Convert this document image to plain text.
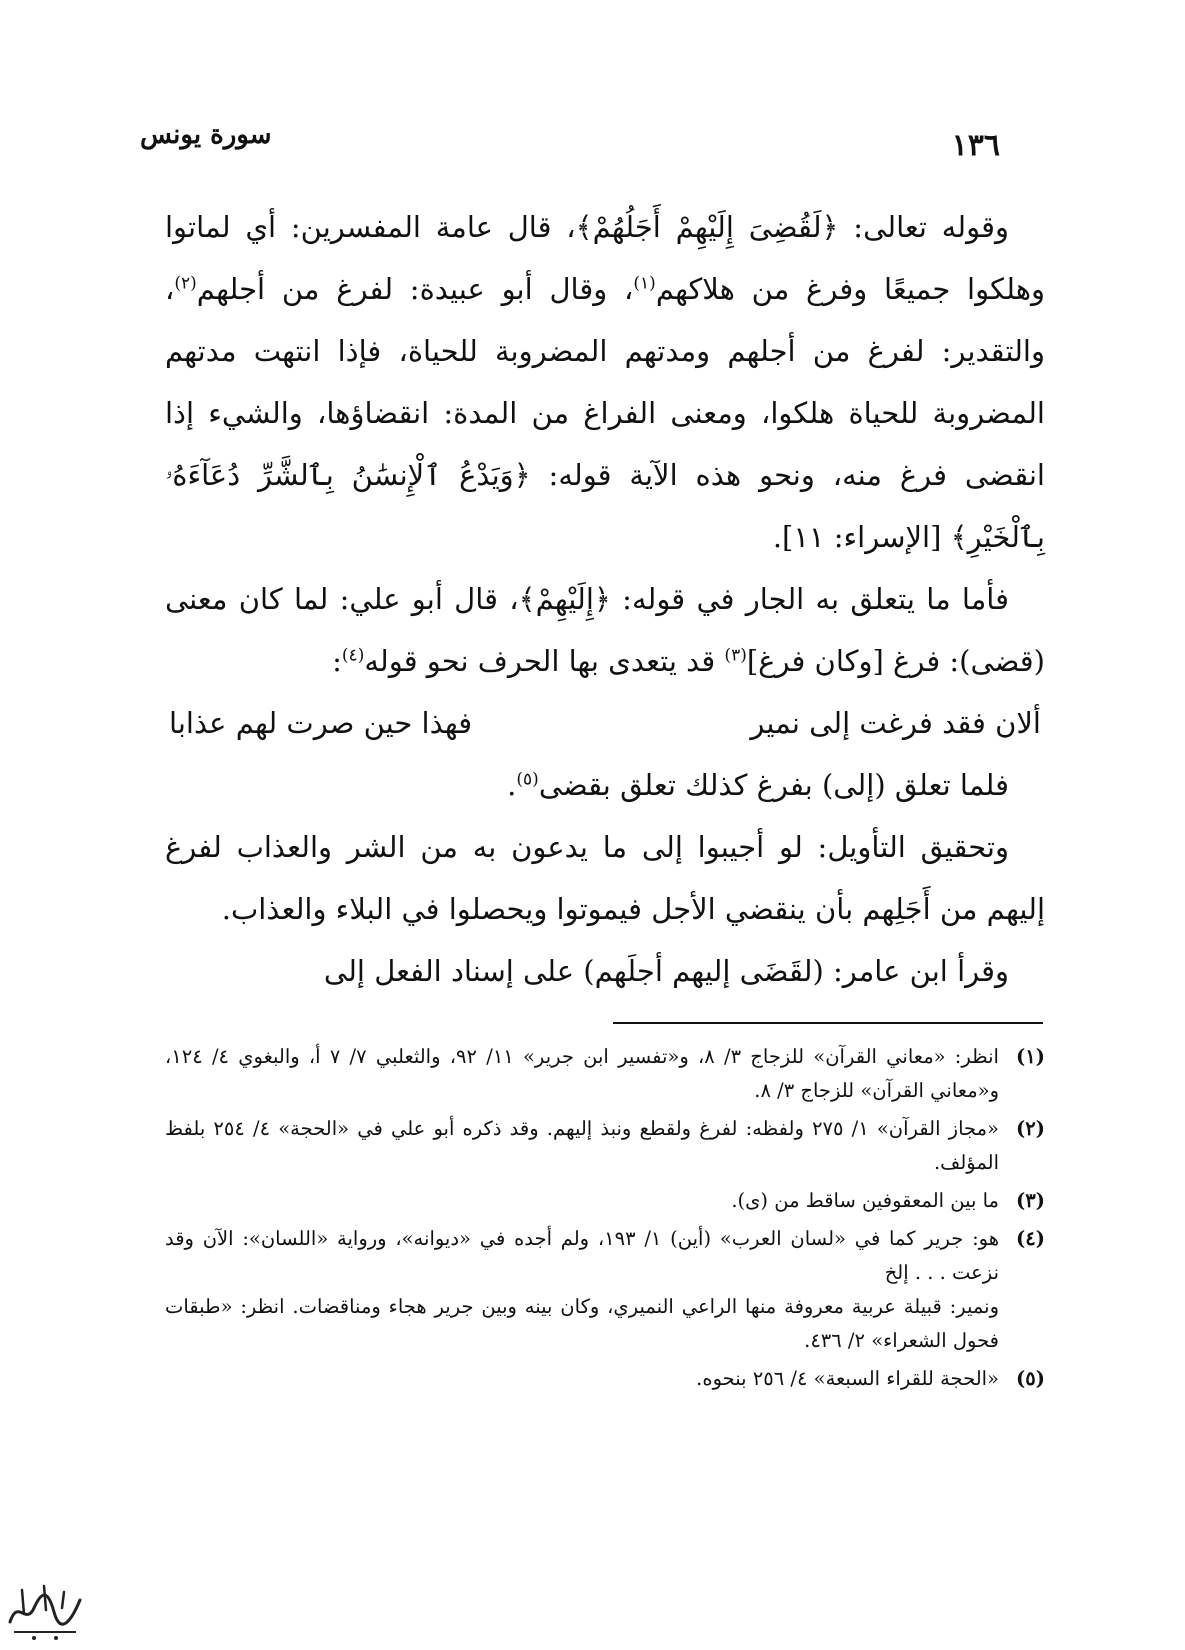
١٣٦
سورة يونس

وقوله تعالى: ﴿لَقُضِىَ إِلَيْهِمْ أَجَلُهُمْ﴾، قال عامة المفسرين: أي لماتوا وهلكوا جميعًا وفرغ من هلاكهم$^{(١)}$، وقال أبو عبيدة: لفرغ من أجلهم$^{(٢)}$، والتقدير: لفرغ من أجلهم ومدتهم المضروبة للحياة، فإذا انتهت مدتهم المضروبة للحياة هلكوا، ومعنى الفراغ من المدة: انقضاؤها، والشيء إذا انقضى فرغ منه، ونحو هذه الآية قوله: ﴿وَيَدْعُ ٱلْإِنسَٰنُ بِٱلشَّرِّ دُعَآءَهُۥ بِٱلْخَيْرِ﴾ [الإسراء: ١١].

فأما ما يتعلق به الجار في قوله: ﴿إِلَيْهِمْ﴾، قال أبو علي: لما كان معنى (قضى): فرغ [وكان فرغ]$^{(٣)}$ قد يتعدى بها الحرف نحو قوله$^{(٤)}$:

ألان فقد فرغت إلى نمير
فهذا حين صرت لهم عذابا

فلما تعلق (إلى) بفرغ كذلك تعلق بقضى$^{(٥)}$.

وتحقيق التأويل: لو أجيبوا إلى ما يدعون به من الشر والعذاب لفرغ إليهم من أَجَلِهم بأن ينقضي الأجل فيموتوا ويحصلوا في البلاء والعذاب.

وقرأ ابن عامر: (لقَضَى إليهم أجلَهم) على إسناد الفعل إلى

(١)
انظر: «معاني القرآن» للزجاج ٣/ ٨، و«تفسير ابن جرير» ١١/ ٩٢، والثعلبي ٧/ ٧ أ، والبغوي ٤/ ١٢٤، و«معاني القرآن» للزجاج ٣/ ٨.
(٢)
«مجاز القرآن» ١/ ٢٧٥ ولفظه: لفرغ ولقطع ونبذ إليهم. وقد ذكره أبو علي في «الحجة» ٤/ ٢٥٤ بلفظ المؤلف.
(٣)
ما بين المعقوفين ساقط من (ى).
(٤)
هو: جرير كما في «لسان العرب» (أين) ١/ ١٩٣، ولم أجده في «ديوانه»، ورواية «اللسان»: الآن وقد نزعت . . . إلخ
ونمير: قبيلة عربية معروفة منها الراعي النميري، وكان بينه وبين جرير هجاء ومناقضات. انظر: «طبقات فحول الشعراء» ٢/ ٤٣٦.
(٥)
«الحجة للقراء السبعة» ٤/ ٢٥٦ بنحوه.
